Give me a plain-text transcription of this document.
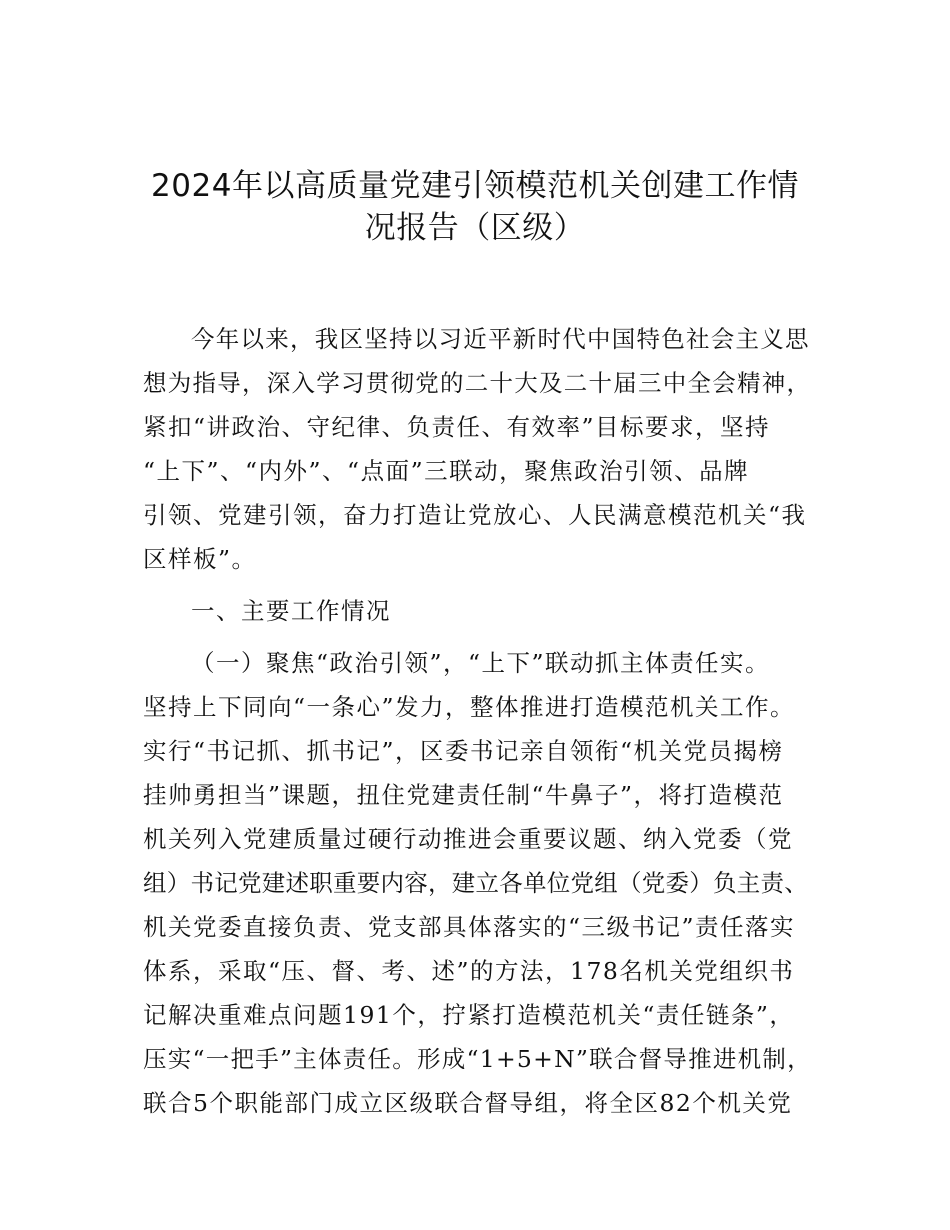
2024年以高质量党建引领模范机关创建工作情
况报告（区级）
今年以来，我区坚持以习近平新时代中国特色社会主义思
想为指导，深入学习贯彻党的二十大及二十届三中全会精神，
紧扣“讲政治、守纪律、负责任、有效率”目标要求，坚持
“上下”、“内外”、“点面”三联动，聚焦政治引领、品牌
引领、党建引领，奋力打造让党放心、人民满意模范机关“我
区样板”。
一、主要工作情况
（一）聚焦“政治引领”，“上下”联动抓主体责任实。
坚持上下同向“一条心”发力，整体推进打造模范机关工作。
实行“书记抓、抓书记”，区委书记亲自领衔“机关党员揭榜
挂帅勇担当”课题，扭住党建责任制“牛鼻子”，将打造模范
机关列入党建质量过硬行动推进会重要议题、纳入党委（党
组）书记党建述职重要内容，建立各单位党组（党委）负主责、
机关党委直接负责、党支部具体落实的“三级书记”责任落实
体系，采取“压、督、考、述”的方法，178名机关党组织书
记解决重难点问题191个，拧紧打造模范机关“责任链条”，
压实“一把手”主体责任。形成“1+5+N”联合督导推进机制，
联合5个职能部门成立区级联合督导组，将全区82个机关党
